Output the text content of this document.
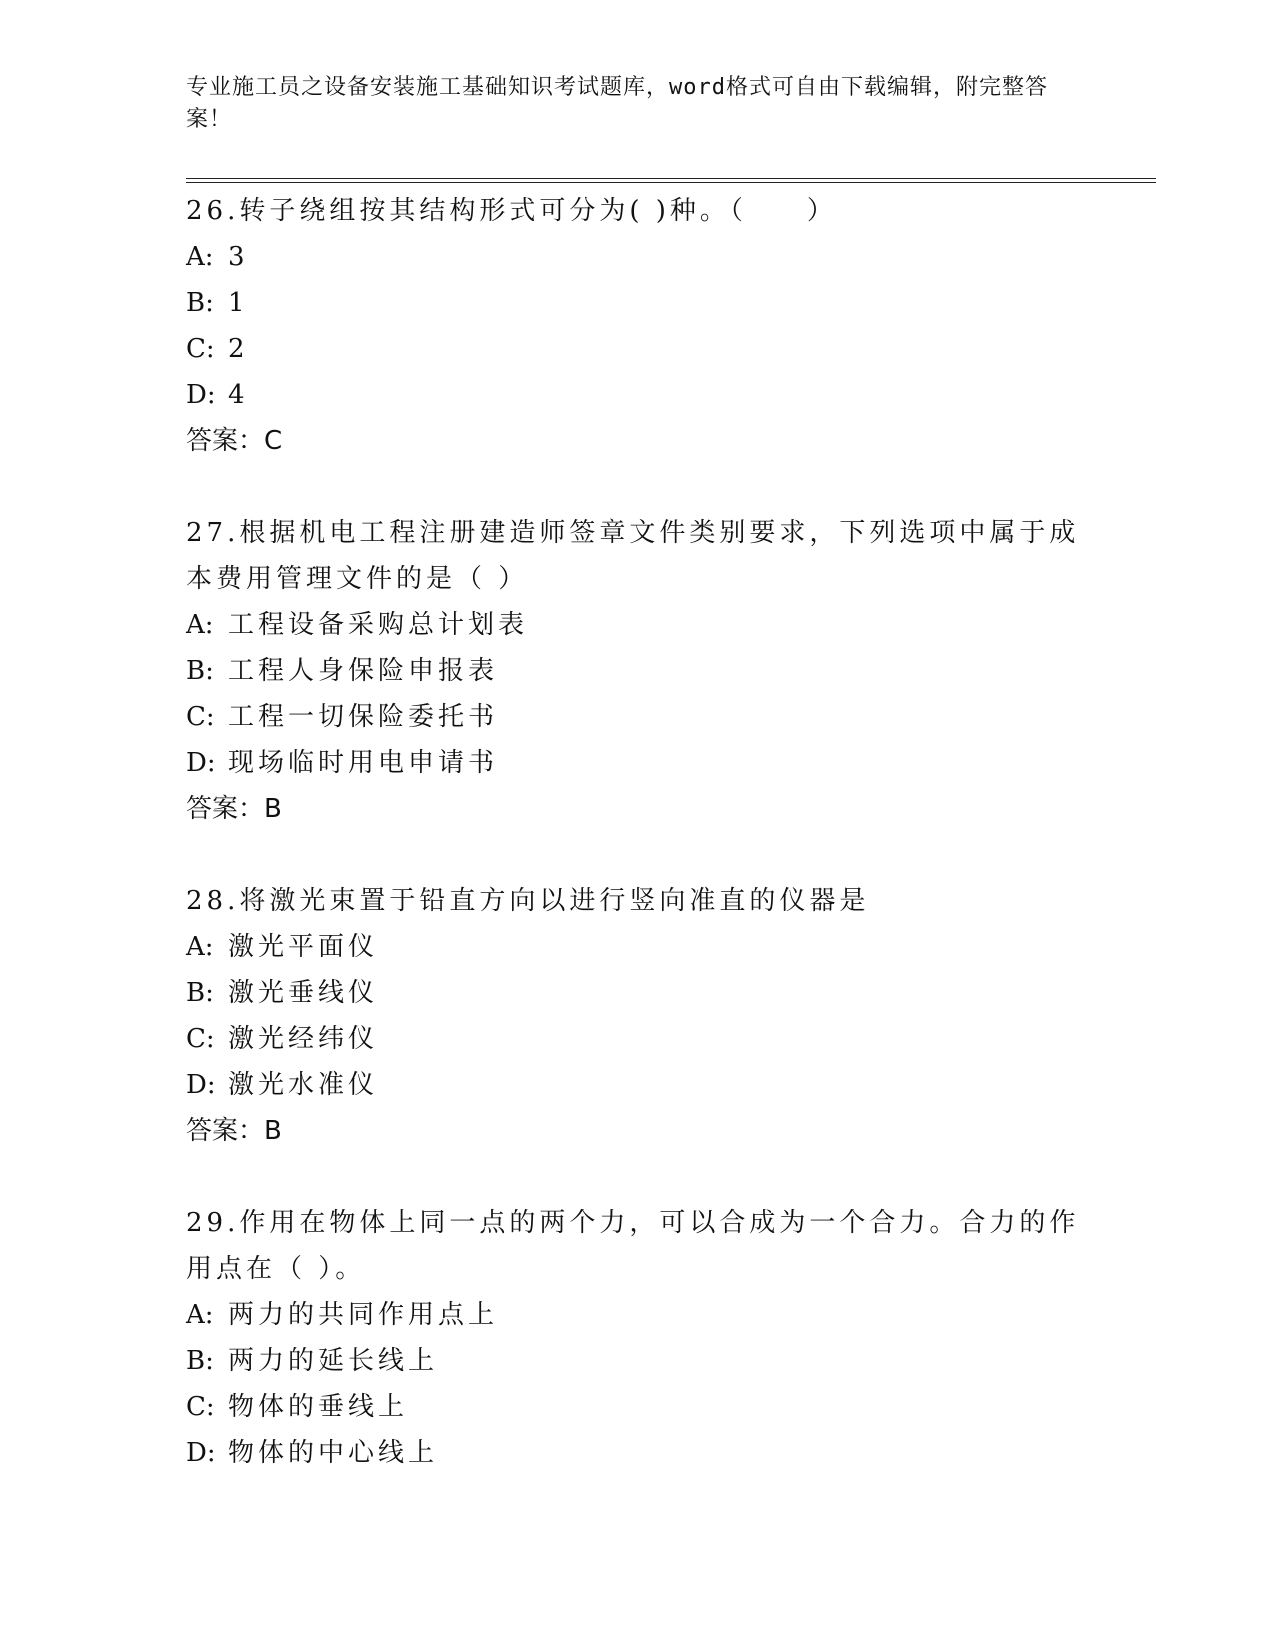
专业施工员之设备安装施工基础知识考试题库，word格式可自由下载编辑，附完整答案！
26.转子绕组按其结构形式可分为( )种。（　　）
A: 3
B: 1
C: 2
D: 4
答案：C
27.根据机电工程注册建造师签章文件类别要求，下列选项中属于成本费用管理文件的是（ ）
A: 工程设备采购总计划表
B: 工程人身保险申报表
C: 工程一切保险委托书
D: 现场临时用电申请书
答案：B
28.将激光束置于铅直方向以进行竖向准直的仪器是
A: 激光平面仪
B: 激光垂线仪
C: 激光经纬仪
D: 激光水准仪
答案：B
29.作用在物体上同一点的两个力，可以合成为一个合力。合力的作用点在（ ）。
A: 两力的共同作用点上
B: 两力的延长线上
C: 物体的垂线上
D: 物体的中心线上
